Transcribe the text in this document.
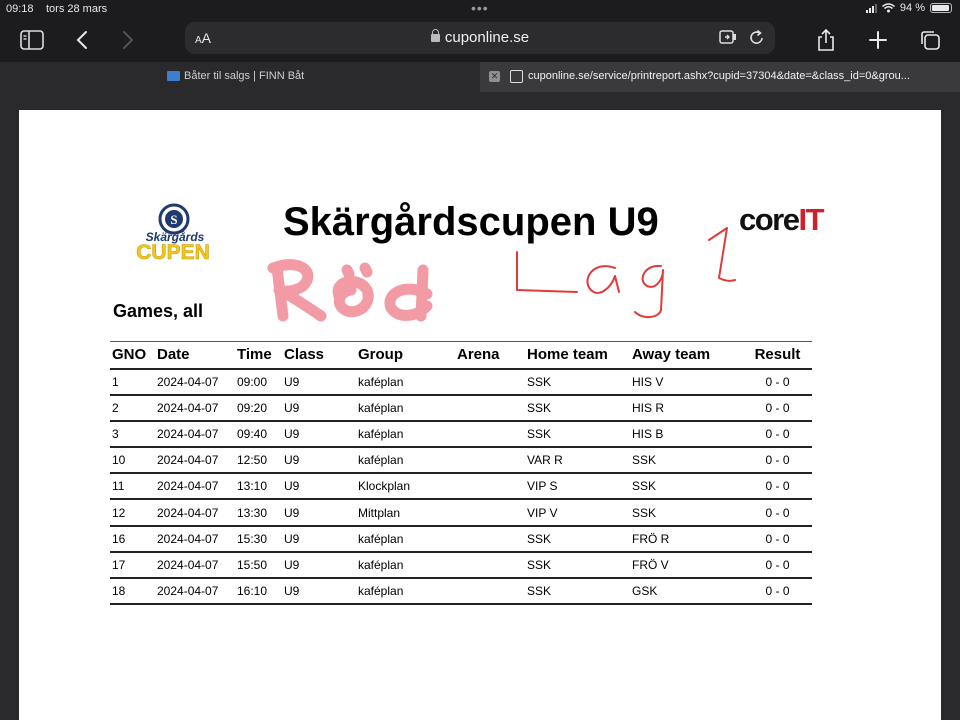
09:18 tors 28 mars	•••	94 %
AA	cuponline.se
Båter til salgs | FINN Båt	✕	cuponline.se/service/printreport.ashx?cupid=37304&date=&class_id=0&grou...
S
Skärgårds
CUPEN
Skärgårdscupen U9	coreIT
Games, all
GNO	Date	Time	Class	Group	Arena	Home team	Away team	Result
1	2024-04-07	09:00	U9	kaféplan		SSK	HIS V	0 - 0
2	2024-04-07	09:20	U9	kaféplan		SSK	HIS R	0 - 0
3	2024-04-07	09:40	U9	kaféplan		SSK	HIS B	0 - 0
10	2024-04-07	12:50	U9	kaféplan		VAR R	SSK	0 - 0
11	2024-04-07	13:10	U9	Klockplan		VIP S	SSK	0 - 0
12	2024-04-07	13:30	U9	Mittplan		VIP V	SSK	0 - 0
16	2024-04-07	15:30	U9	kaféplan		SSK	FRÖ R	0 - 0
17	2024-04-07	15:50	U9	kaféplan		SSK	FRÖ V	0 - 0
18	2024-04-07	16:10	U9	kaféplan		SSK	GSK	0 - 0
